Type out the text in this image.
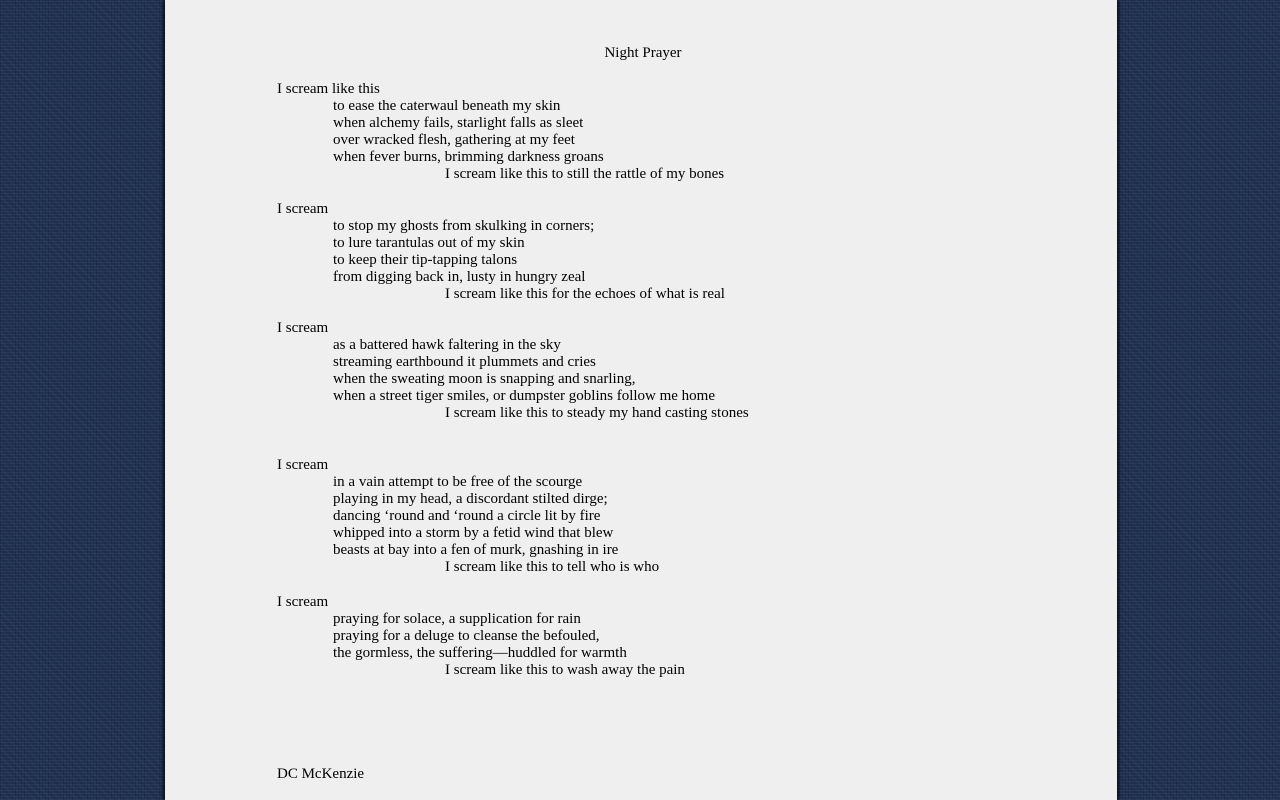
Night Prayer
I scream like this
to ease the caterwaul beneath my skin
when alchemy fails, starlight falls as sleet
over wracked flesh, gathering at my feet
when fever burns, brimming darkness groans
I scream like this to still the rattle of my bones
I scream
to stop my ghosts from skulking in corners;
to lure tarantulas out of my skin
to keep their tip-tapping talons
from digging back in, lusty in hungry zeal
I scream like this for the echoes of what is real
I scream
as a battered hawk faltering in the sky
streaming earthbound it plummets and cries
when the sweating moon is snapping and snarling,
when a street tiger smiles, or dumpster goblins follow me home
I scream like this to steady my hand casting stones
I scream
in a vain attempt to be free of the scourge
playing in my head, a discordant stilted dirge;
dancing ‘round and ‘round a circle lit by fire
whipped into a storm by a fetid wind that blew
beasts at bay into a fen of murk, gnashing in ire
I scream like this to tell who is who
I scream
praying for solace, a supplication for rain
praying for a deluge to cleanse the befouled,
the gormless, the suffering—huddled for warmth
I scream like this to wash away the pain
DC McKenzie
